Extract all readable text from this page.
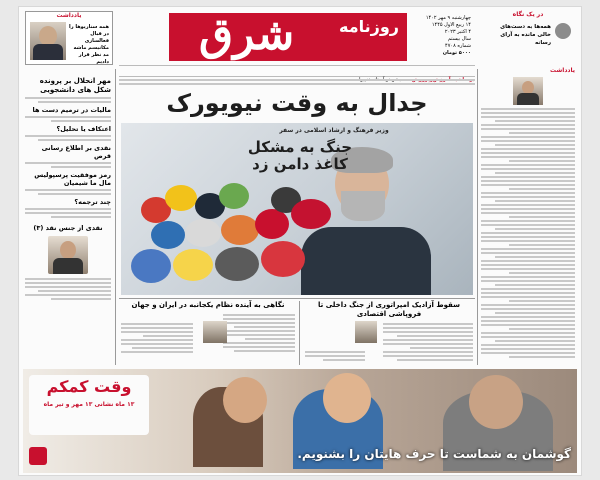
یادداشت
همه سناریوها را در قبال
فعالسازی مکانیسم ماشه
مد نظر قرار دادیم
شرق	روزنامه	چهارشنبه ۹ مهر ۱۴۰۲
۱۴ ربیع الاول ۱۴۴۵
۴ اکتبر ۲۰۲۳
سال بیستم
شماره ۴۷۰۸
۵۰۰۰ تومان
در یک نگاه
همه‌ها به دست‌های
خالی مانده به آرای رسانه
جدال به وقت نیویورک
وزیر فرهنگ و ارشاد اسلامی در سفر
جنگ به مشکل کاغذ دامن زد
مهر انحلال بر پرونده شکل های دانشجویی
مالیات در ترمیم دست ها
اعتکاف یا تحلیل؟
نقدی بر اطلاع رسانی قرص
رمز موفقیت پرسپولیس مال ما شیمیان
چند ترجمه؟
نقدی از جنس نقد (۳)
یادداشت
سقوط آزادیک امپراتوری از جنگ داخلی تا فروپاشی اقتصادی
نگاهی به آینده نظام یکجانبه در ایران و جهان
وقت کمکم
۱۳ ماه نشانی ۱۳ مهر و تیر ماه
گوشمان به شماست تا حرف هایتان را بشنویم.
